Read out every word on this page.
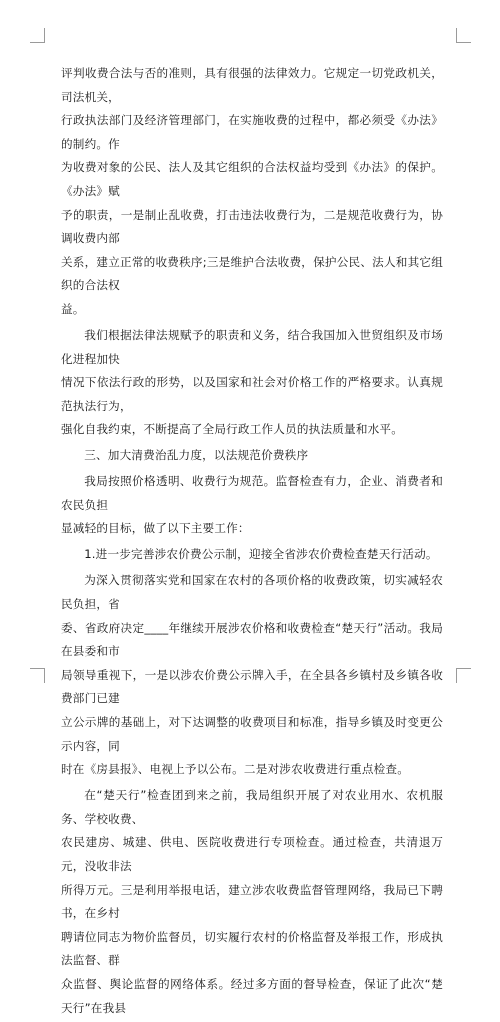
评判收费合法与否的准则，具有很强的法律效力。它规定一切党政机关，司法机关，
行政执法部门及经济管理部门，在实施收费的过程中，都必须受《办法》的制约。作
为收费对象的公民、法人及其它组织的合法权益均受到《办法》的保护。《办法》赋
予的职责，一是制止乱收费，打击违法收费行为，二是规范收费行为，协调收费内部
关系，建立正常的收费秩序;三是维护合法收费，保护公民、法人和其它组织的合法权
益。

我们根据法律法规赋予的职责和义务，结合我国加入世贸组织及市场化进程加快
情况下依法行政的形势，以及国家和社会对价格工作的严格要求。认真规范执法行为，
强化自我约束，不断提高了全局行政工作人员的执法质量和水平。

三、加大清费治乱力度，以法规范价费秩序

我局按照价格透明、收费行为规范。监督检查有力，企业、消费者和农民负担
显减轻的目标，做了以下主要工作：

1.进一步完善涉农价费公示制，迎接全省涉农价费检查楚天行活动。

为深入贯彻落实党和国家在农村的各项价格的收费政策，切实减轻农民负担，省
委、省政府决定____年继续开展涉农价格和收费检查“楚天行”活动。我局在县委和市
局领导重视下，一是以涉农价费公示牌入手，在全县各乡镇村及乡镇各收费部门已建
立公示牌的基础上，对下达调整的收费项目和标准，指导乡镇及时变更公示内容，同
时在《房县报》、电视上予以公布。二是对涉农收费进行重点检查。

在“楚天行”检查团到来之前，我局组织开展了对农业用水、农机服务、学校收费、
农民建房、城建、供电、医院收费进行专项检查。通过检查，共清退万元，没收非法
所得万元。三是利用举报电话，建立涉农收费监督管理网络，我局已下聘书，在乡村
聘请位同志为物价监督员，切实履行农村的价格监督及举报工作，形成执法监督、群
众监督、舆论监督的网络体系。经过多方面的督导检查，保证了此次“楚天行”在我县
